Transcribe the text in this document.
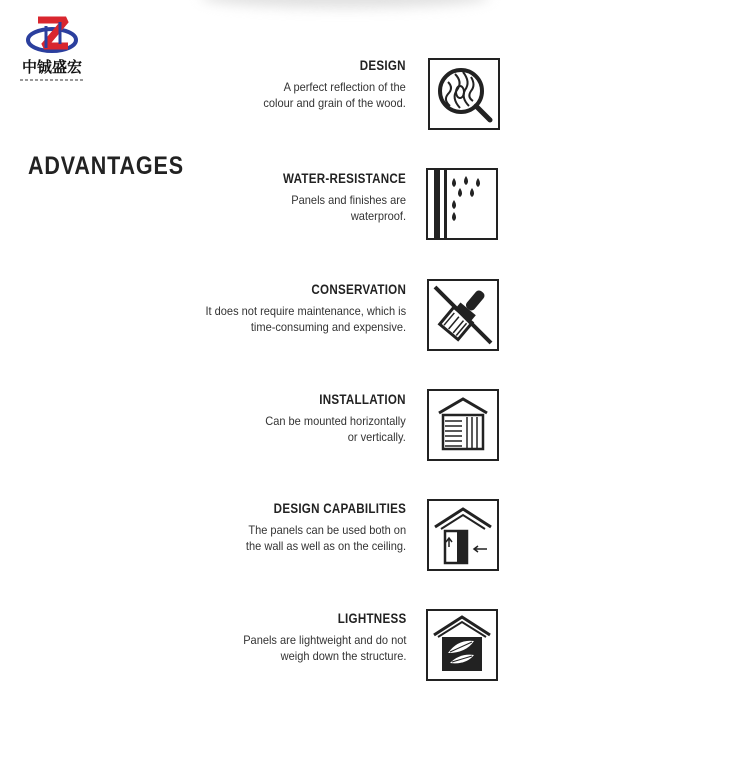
中铖盛宏
ADVANTAGES
DESIGN
A perfect reflection of the
colour and grain of the wood.
WATER-RESISTANCE
Panels and finishes are
waterproof.
CONSERVATION
It does not require maintenance, which is
time-consuming and expensive.
INSTALLATION
Can be mounted horizontally
or vertically.
DESIGN CAPABILITIES
The panels can be used both on
the wall as well as on the ceiling.
LIGHTNESS
Panels are lightweight and do not
weigh down the structure.
